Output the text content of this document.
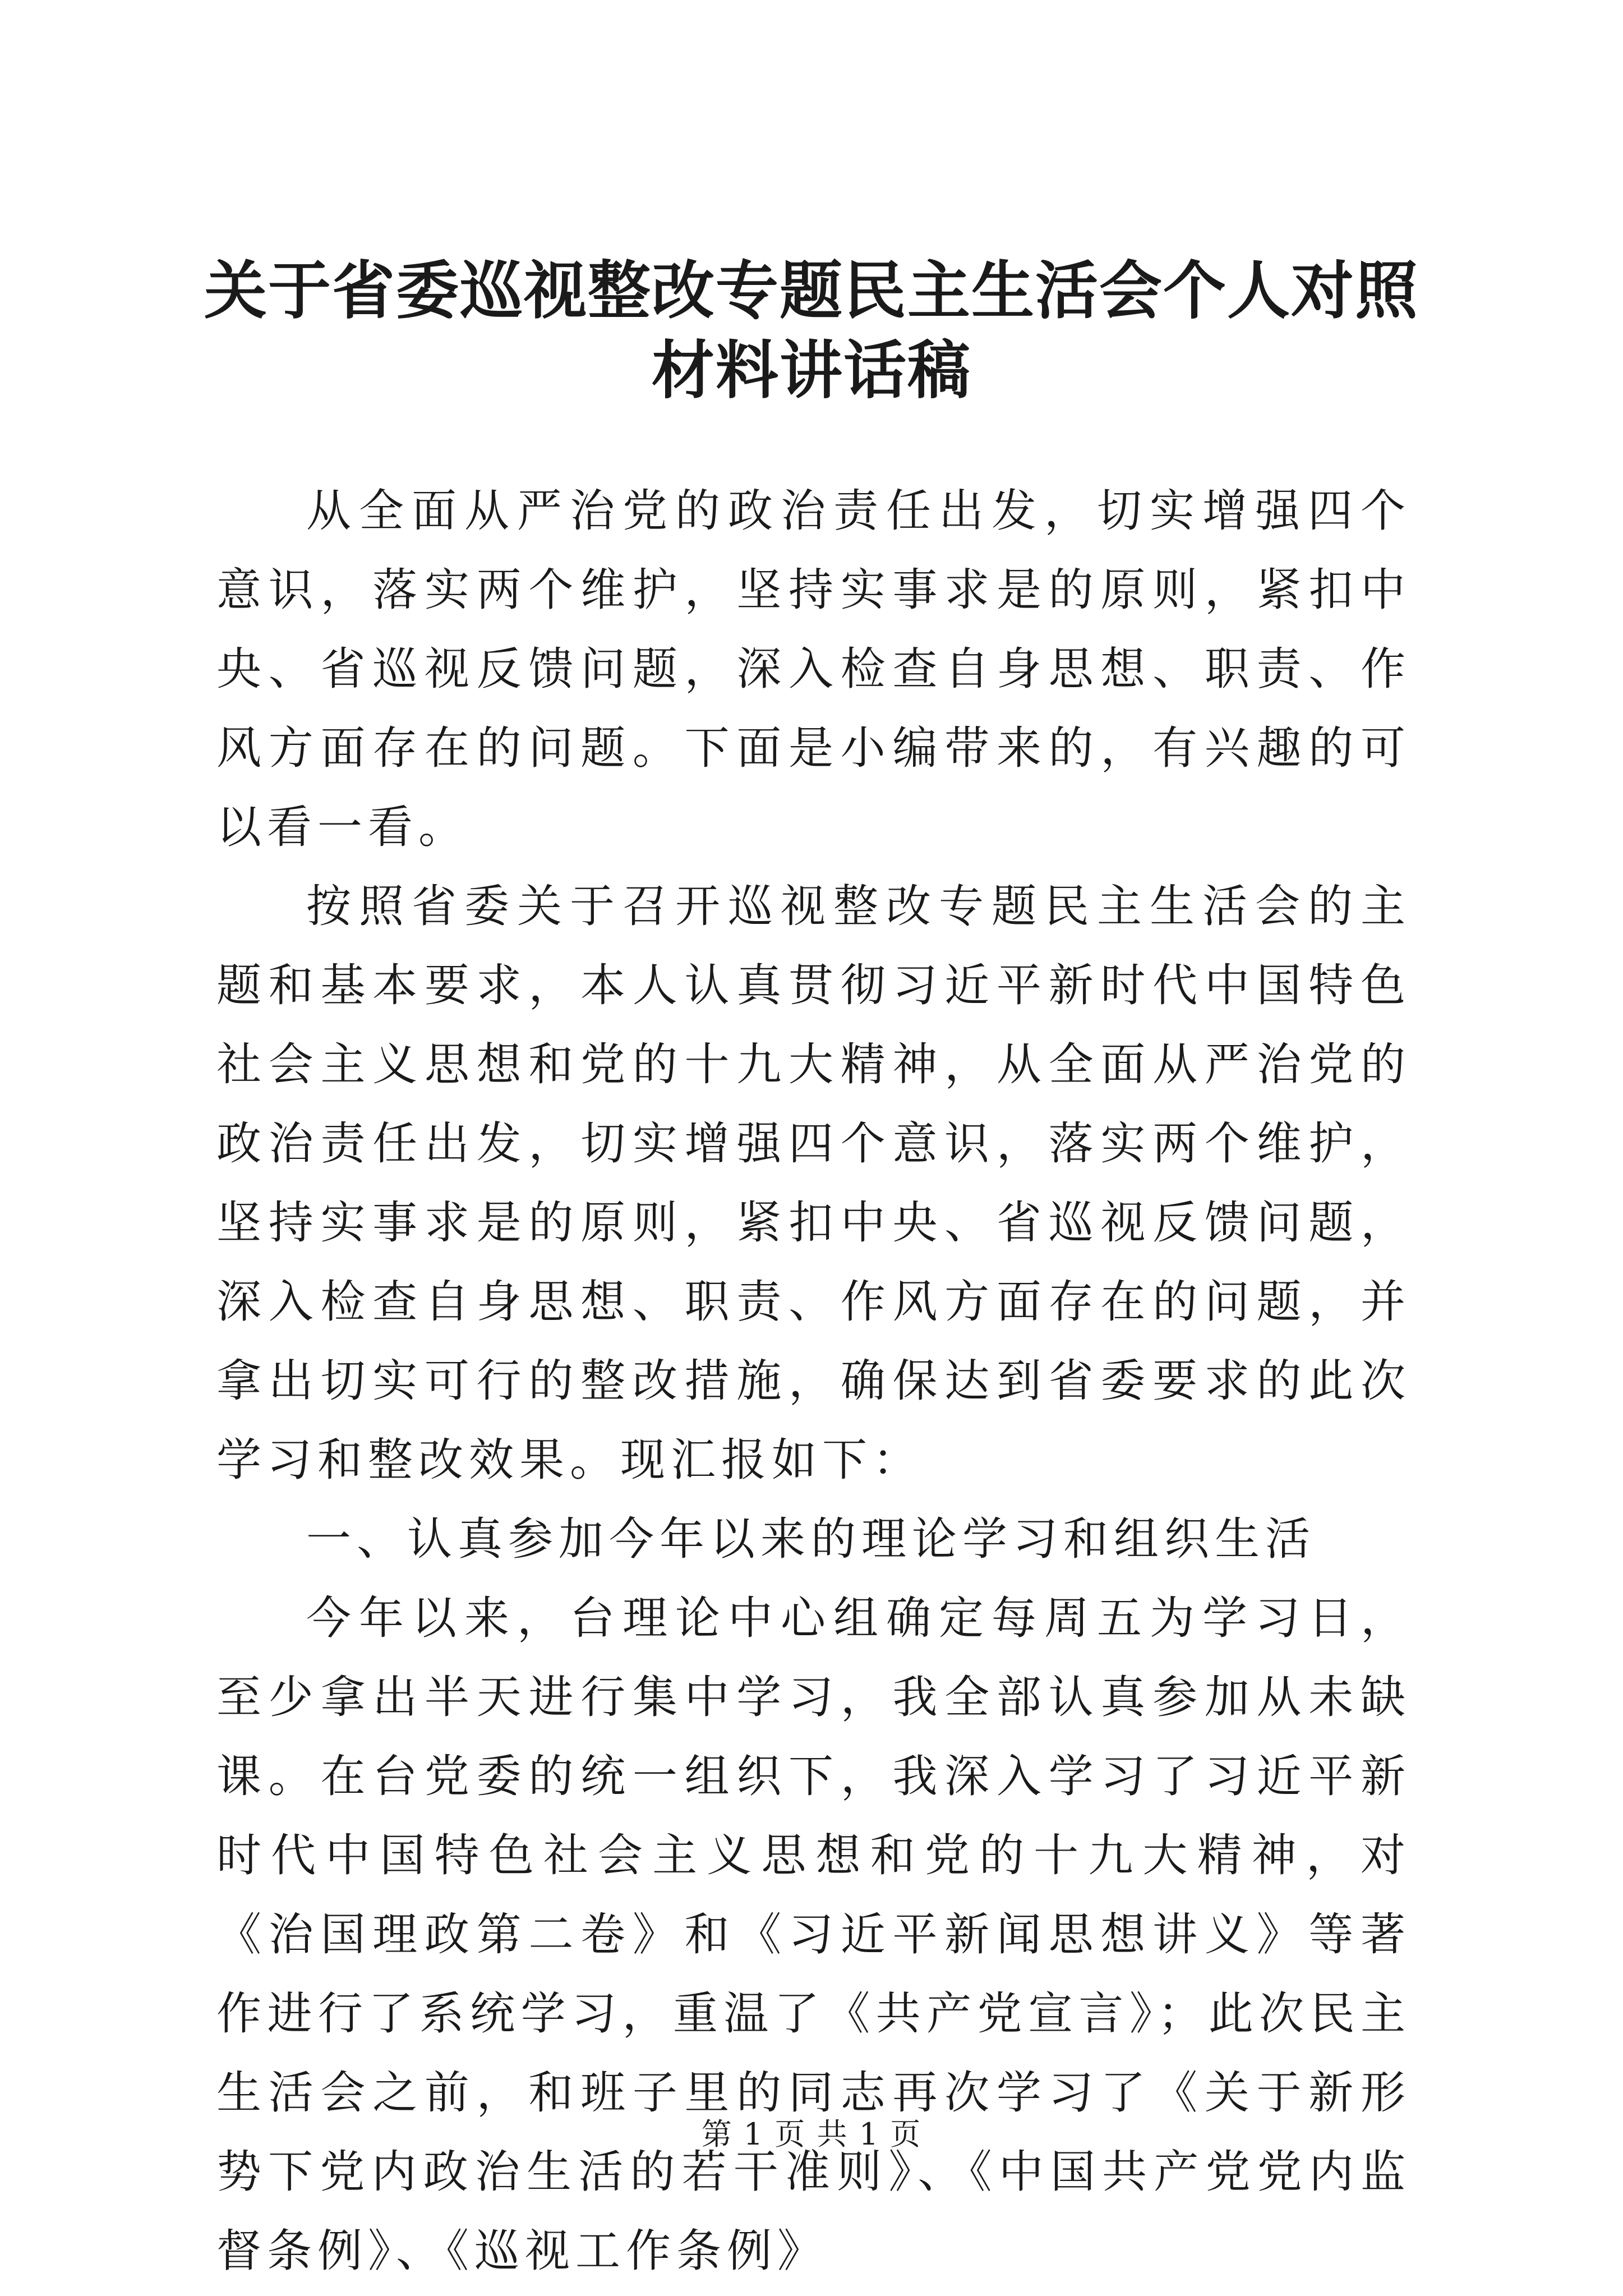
关于省委巡视整改专题民主生活会个人对照材料讲话稿

从全面从严治党的政治责任出发，切实增强四个意识，落实两个维护，坚持实事求是的原则，紧扣中央、省巡视反馈问题，深入检查自身思想、职责、作风方面存在的问题。下面是小编带来的，有兴趣的可以看一看。

按照省委关于召开巡视整改专题民主生活会的主题和基本要求，本人认真贯彻习近平新时代中国特色社会主义思想和党的十九大精神，从全面从严治党的政治责任出发，切实增强四个意识，落实两个维护，坚持实事求是的原则，紧扣中央、省巡视反馈问题，深入检查自身思想、职责、作风方面存在的问题，并拿出切实可行的整改措施，确保达到省委要求的此次学习和整改效果。现汇报如下：

一、认真参加今年以来的理论学习和组织生活

今年以来，台理论中心组确定每周五为学习日，至少拿出半天进行集中学习，我全部认真参加从未缺课。在台党委的统一组织下，我深入学习了习近平新时代中国特色社会主义思想和党的十九大精神，对《治国理政第二卷》和《习近平新闻思想讲义》等著作进行了系统学习，重温了《共产党宣言》；此次民主生活会之前，和班子里的同志再次学习了《关于新形势下党内政治生活的若干准则》、《中国共产党党内监督条例》、《巡视工作条例》

第 1 页 共 1 页
